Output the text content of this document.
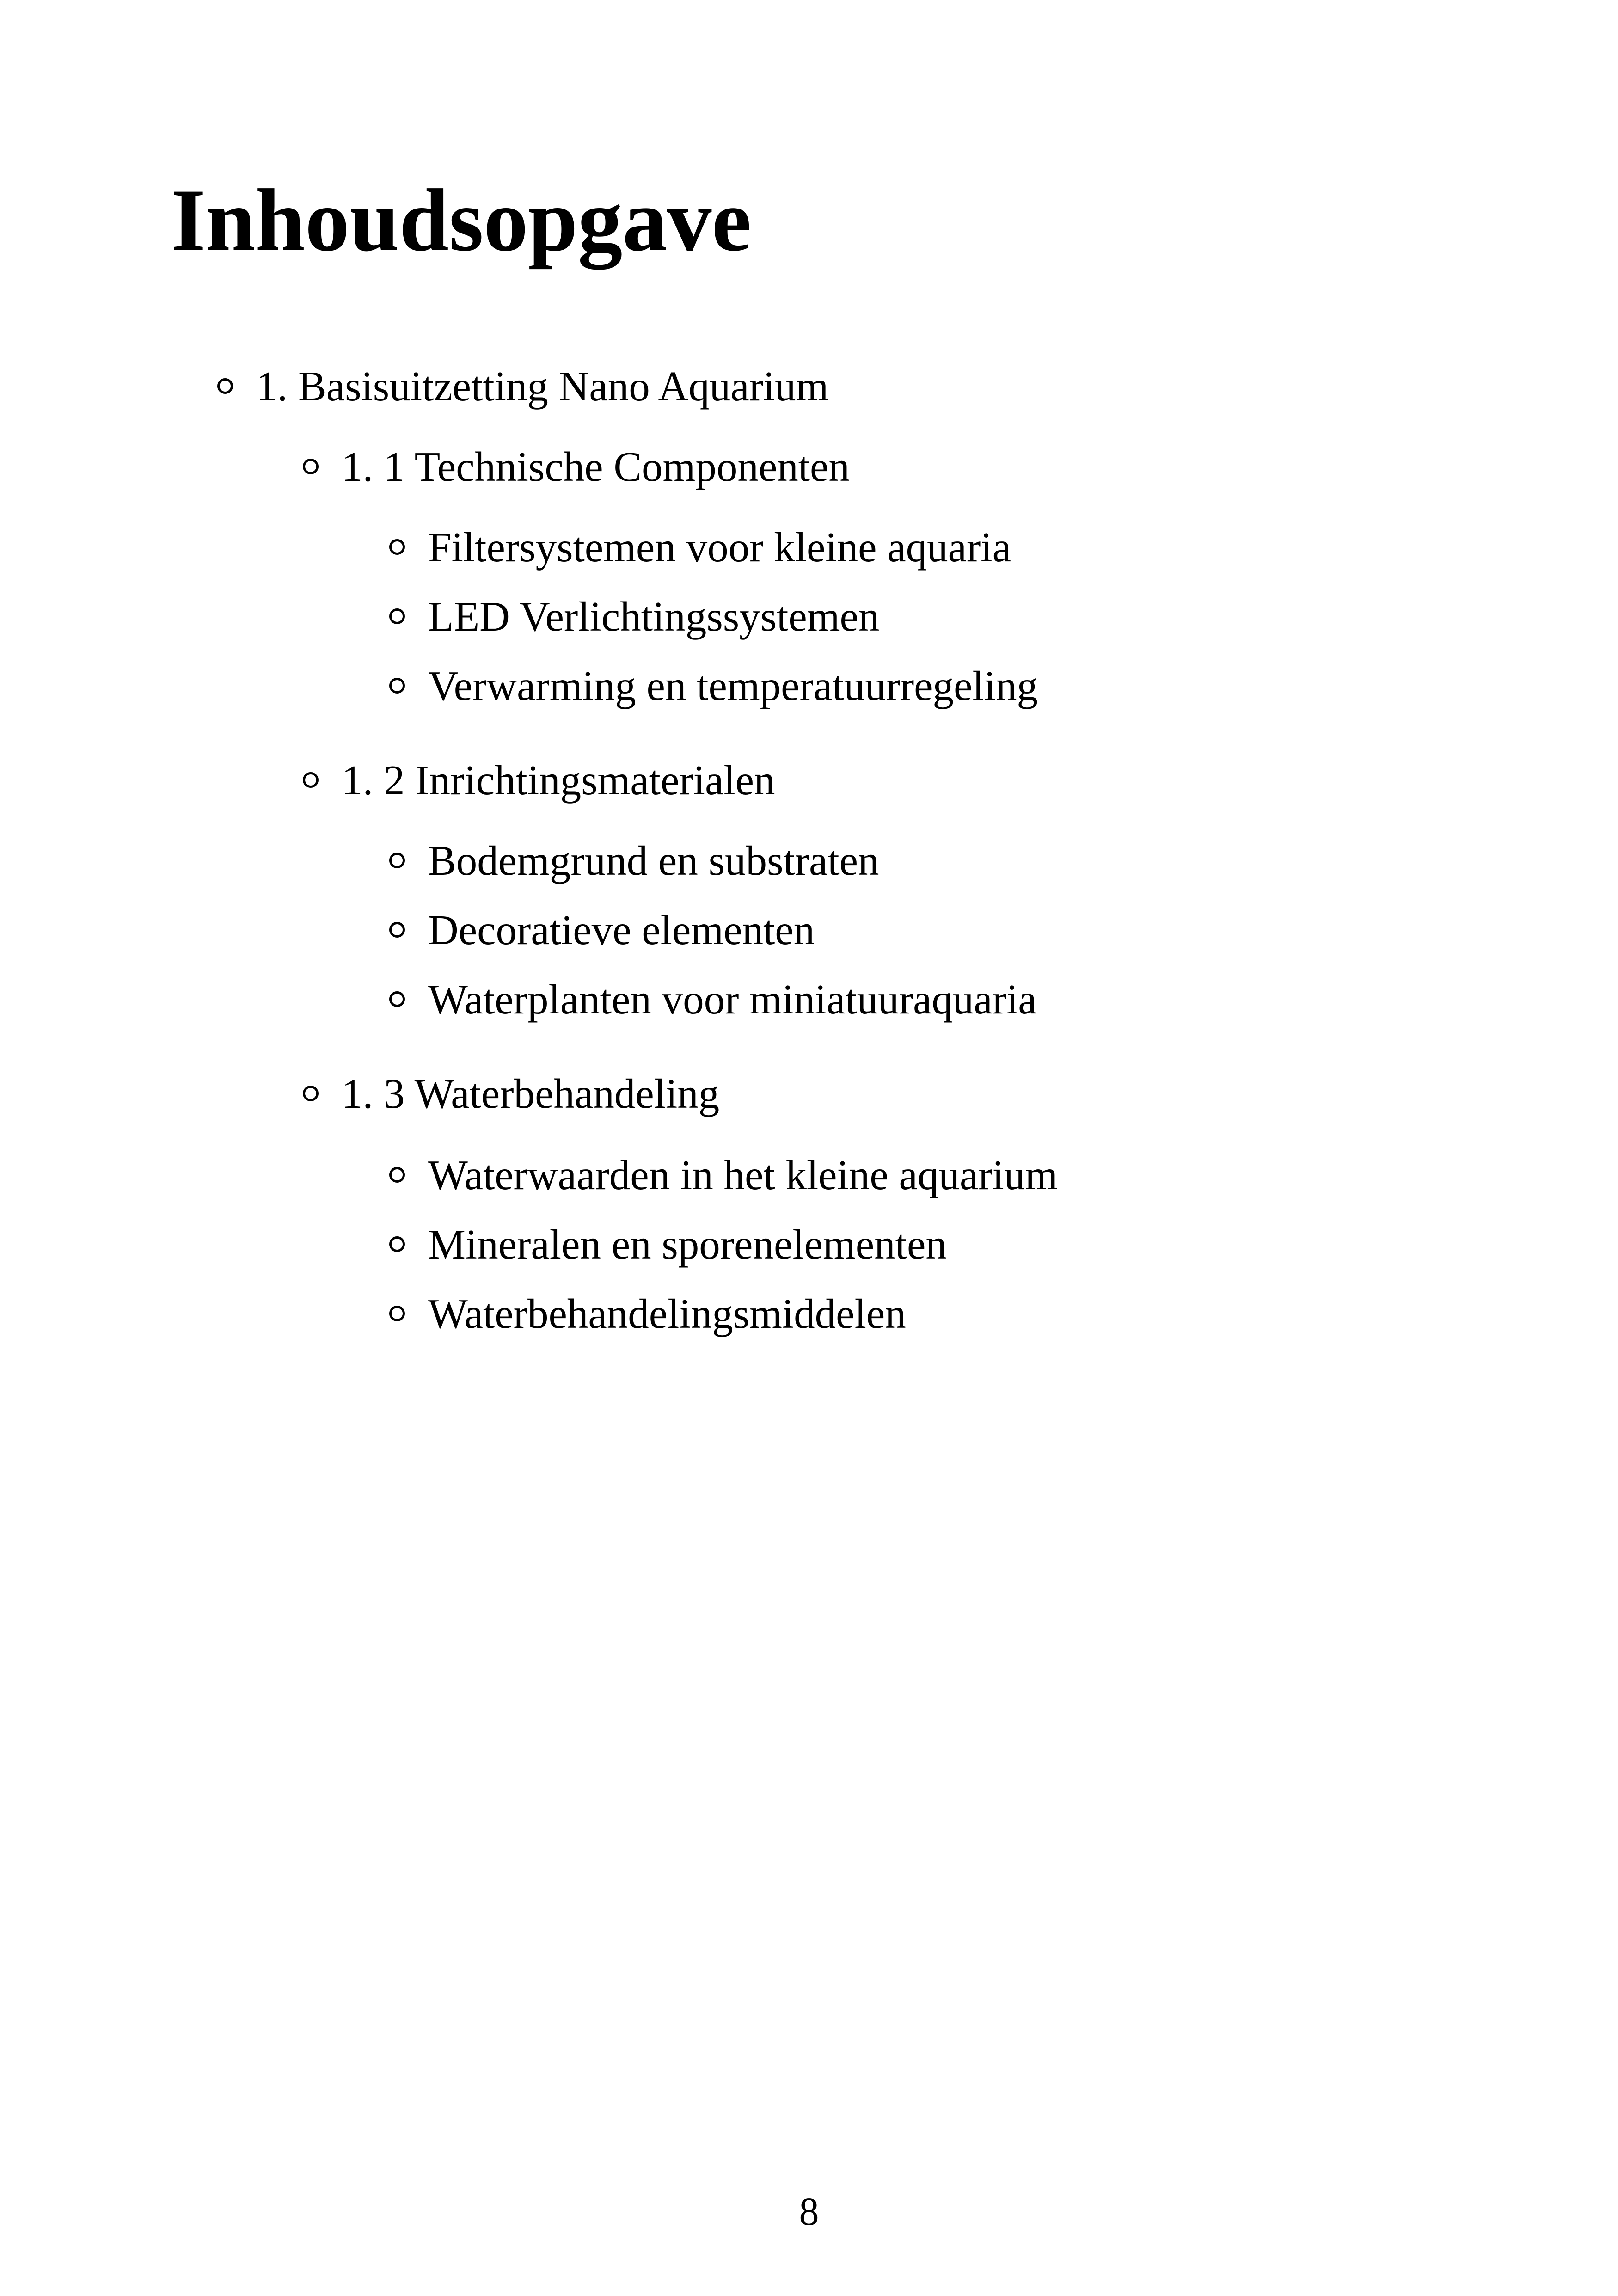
Inhoudsopgave
1. Basisuitzetting Nano Aquarium
1. 1 Technische Componenten
Filtersystemen voor kleine aquaria
LED Verlichtingssystemen
Verwarming en temperatuurregeling
1. 2 Inrichtingsmaterialen
Bodemgrund en substraten
Decoratieve elementen
Waterplanten voor miniatuuraquaria
1. 3 Waterbehandeling
Waterwaarden in het kleine aquarium
Mineralen en sporenelementen
Waterbehandelingsmiddelen
8
